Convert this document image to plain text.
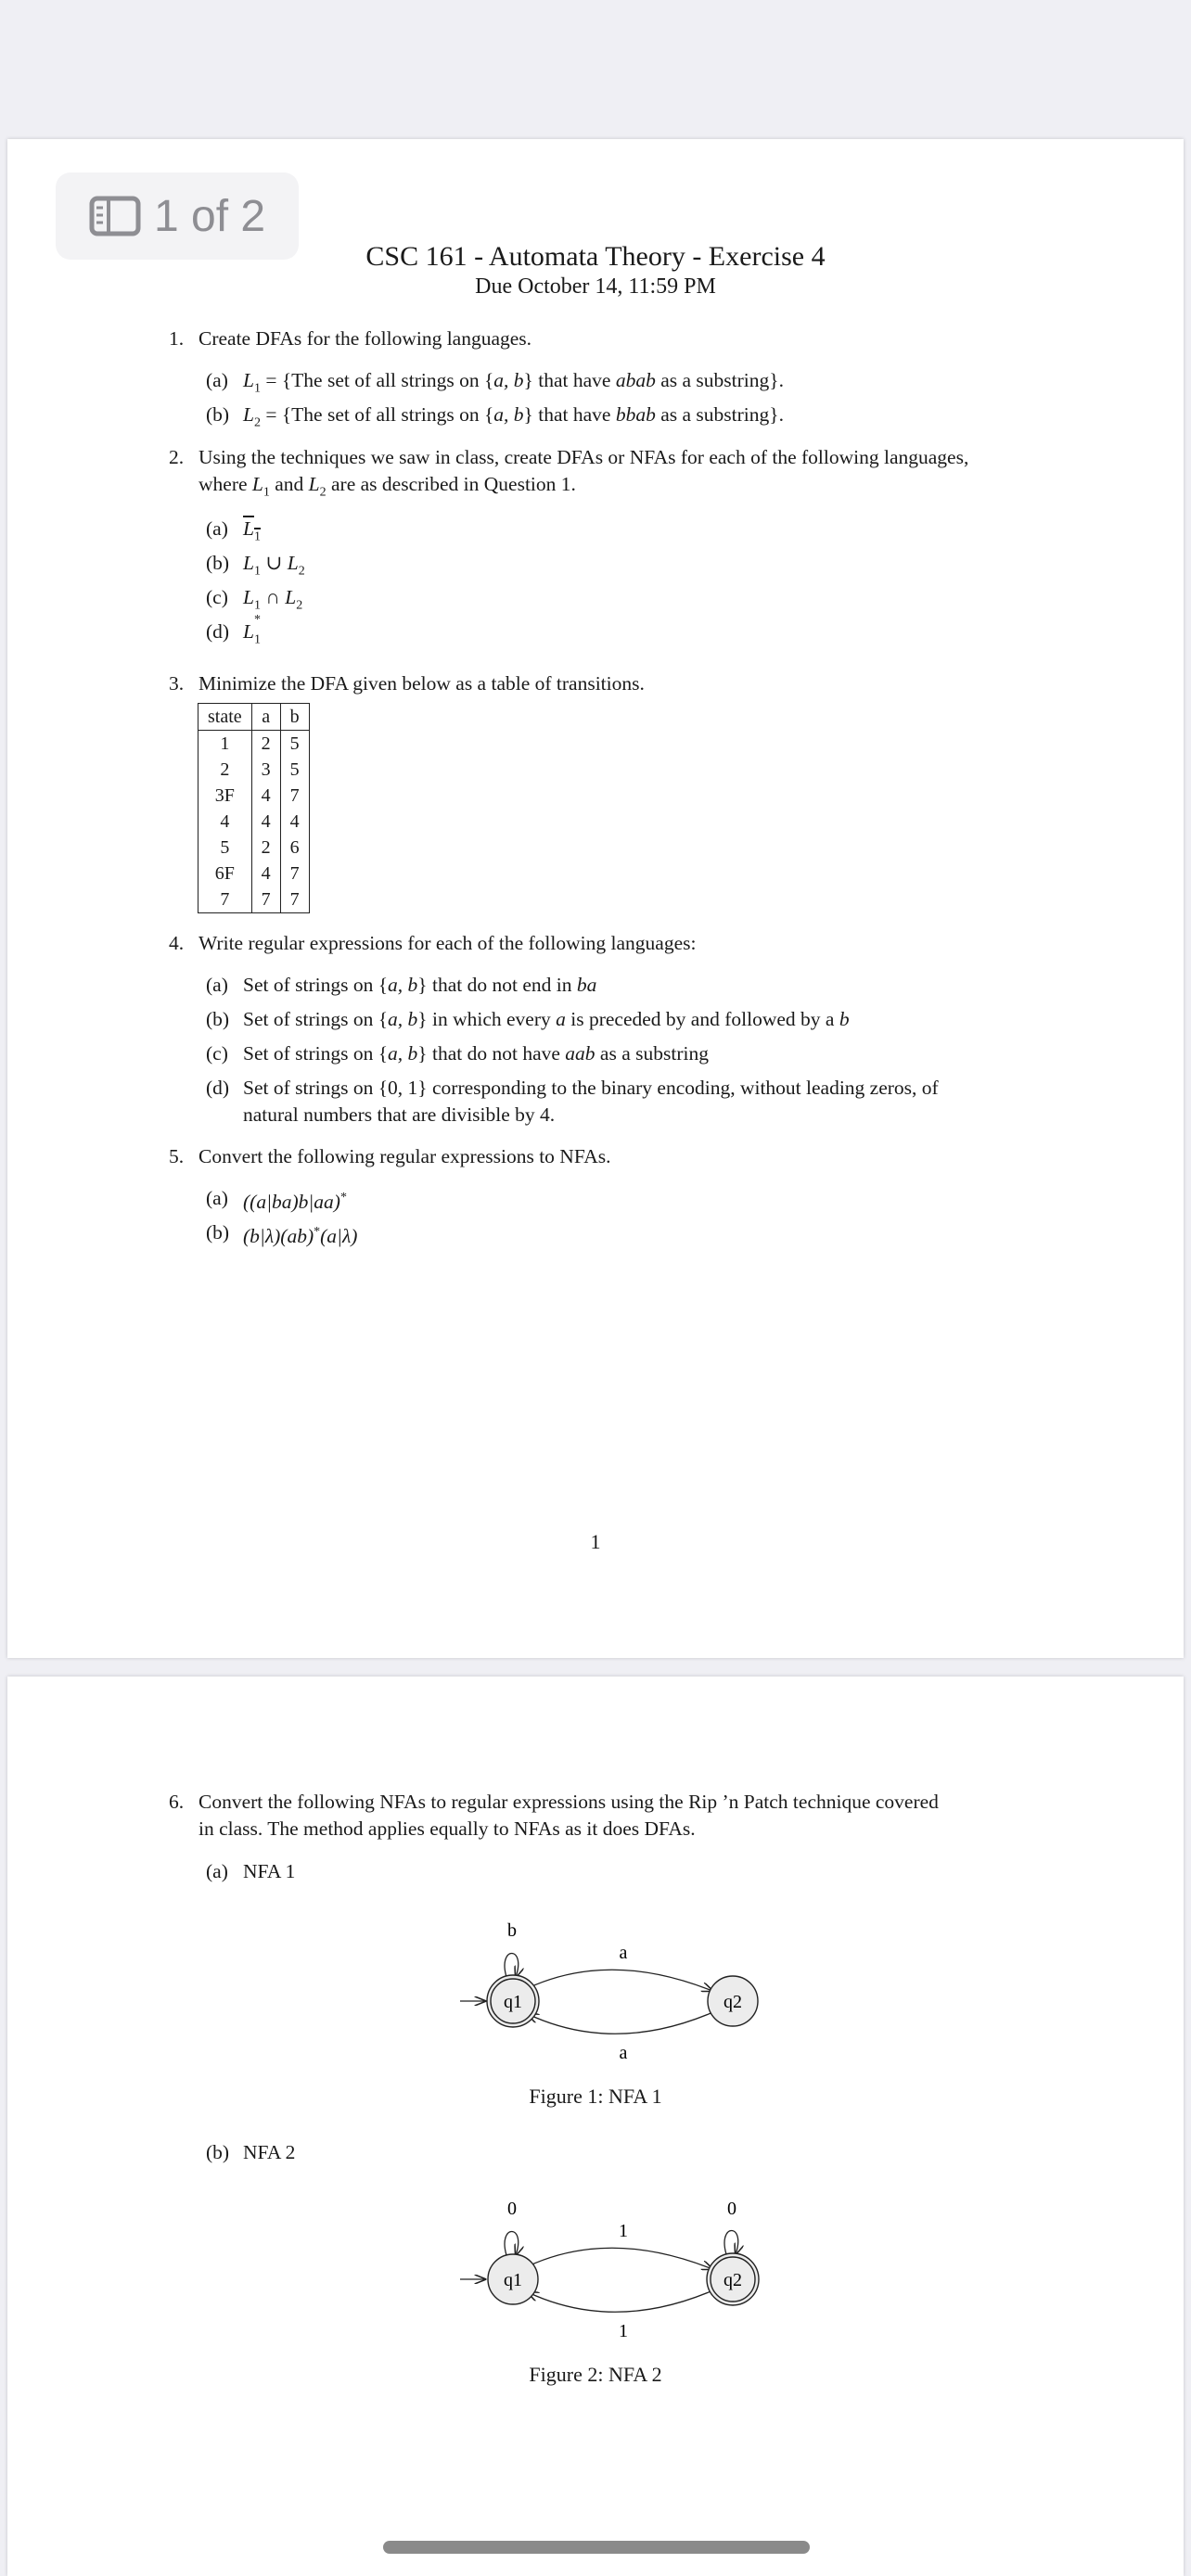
1 of 2
CSC 161 - Automata Theory - Exercise 4
Due October 14, 11:59 PM
1. Create DFAs for the following languages.
(a) $L_1 = \{The$ set of all strings on {a, b} that have abab as a substring}.
(b) $L_2 = \{The$ set of all strings on {a, b} that have bbab as a substring}.
2. Using the techniques we saw in class, create DFAs or NFAs for each of the following languages,
where $L_1$ and $L_2$ are as described in Question 1.
(a) $L_1$
(b) $L_1$ ∪ $L_2$
(c) $L_1$ ∩ $L_2$
(d) L
*
$_1$
3. Minimize the DFA given below as a table of transitions.
state	a	b
1	2	5
2	3	5
3F	4	7
4	4	4
5	2	6
6F	4	7
7	7	7
4. Write regular expressions for each of the following languages:
(a) Set of strings on {a, b} that do not end in ba
(b) Set of strings on {a, b} in which every a is preceded by and followed by a b
(c) Set of strings on {a, b} that do not have aab as a substring
(d) Set of strings on {0, 1} corresponding to the binary encoding, without leading zeros, of
natural numbers that are divisible by 4.
5. Convert the following regular expressions to NFAs.
(a) ((a|ba)b|aa)*
(b) (b|λ)(ab)*(a|λ)
1
6. Convert the following NFAs to regular expressions using the Rip ’n Patch technique covered
in class. The method applies equally to NFAs as it does DFAs.
(a) NFA 1
q1	q2
b
a
a
Figure 1: NFA 1
(b) NFA 2
q1	q2
0	0
1
1
Figure 2: NFA 2
